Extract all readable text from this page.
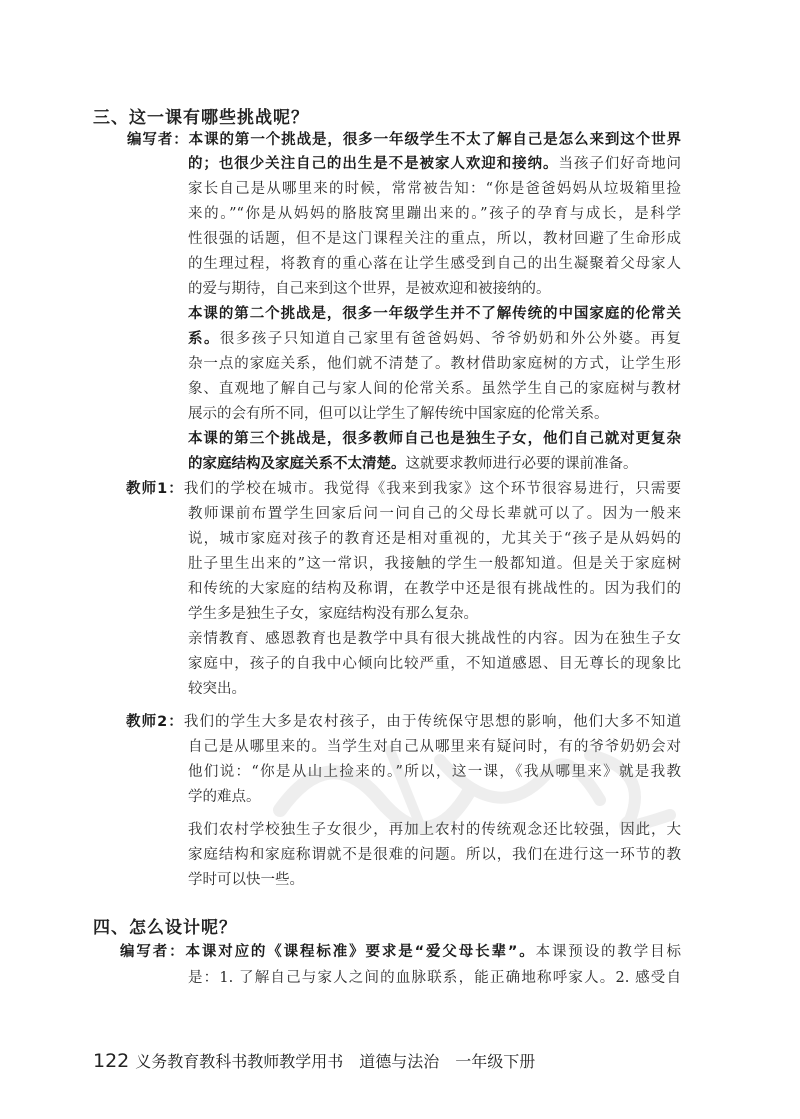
三、这一课有哪些挑战呢？
编写者：本课的第一个挑战是，很多一年级学生不太了解自己是怎么来到这个世界
的；也很少关注自己的出生是不是被家人欢迎和接纳。当孩子们好奇地问
家长自己是从哪里来的时候，常常被告知：“你是爸爸妈妈从垃圾箱里捡
来的。”“你是从妈妈的胳肢窝里蹦出来的。”孩子的孕育与成长，是科学
性很强的话题，但不是这门课程关注的重点，所以，教材回避了生命形成
的生理过程，将教育的重心落在让学生感受到自己的出生凝聚着父母家人
的爱与期待，自己来到这个世界，是被欢迎和被接纳的。
本课的第二个挑战是，很多一年级学生并不了解传统的中国家庭的伦常关
系。很多孩子只知道自己家里有爸爸妈妈、爷爷奶奶和外公外婆。再复
杂一点的家庭关系，他们就不清楚了。教材借助家庭树的方式，让学生形
象、直观地了解自己与家人间的伦常关系。虽然学生自己的家庭树与教材
展示的会有所不同，但可以让学生了解传统中国家庭的伦常关系。
本课的第三个挑战是，很多教师自己也是独生子女，他们自己就对更复杂
的家庭结构及家庭关系不太清楚。这就要求教师进行必要的课前准备。
教师1：我们的学校在城市。我觉得《我来到我家》这个环节很容易进行，只需要
教师课前布置学生回家后问一问自己的父母长辈就可以了。因为一般来
说，城市家庭对孩子的教育还是相对重视的，尤其关于“孩子是从妈妈的
肚子里生出来的”这一常识，我接触的学生一般都知道。但是关于家庭树
和传统的大家庭的结构及称谓，在教学中还是很有挑战性的。因为我们的
学生多是独生子女，家庭结构没有那么复杂。
亲情教育、感恩教育也是教学中具有很大挑战性的内容。因为在独生子女
家庭中，孩子的自我中心倾向比较严重，不知道感恩、目无尊长的现象比
较突出。
教师2：我们的学生大多是农村孩子，由于传统保守思想的影响，他们大多不知道
自己是从哪里来的。当学生对自己从哪里来有疑问时，有的爷爷奶奶会对
他们说：“你是从山上捡来的。”所以，这一课，《我从哪里来》就是我教
学的难点。
我们农村学校独生子女很少，再加上农村的传统观念还比较强，因此，大
家庭结构和家庭称谓就不是很难的问题。所以，我们在进行这一环节的教
学时可以快一些。
四、怎么设计呢？
编写者：本课对应的《课程标准》要求是“爱父母长辈”。本课预设的教学目标
是：1. 了解自己与家人之间的血脉联系，能正确地称呼家人。2. 感受自
122 义务教育教科书教师教学用书　道德与法治　一年级下册
